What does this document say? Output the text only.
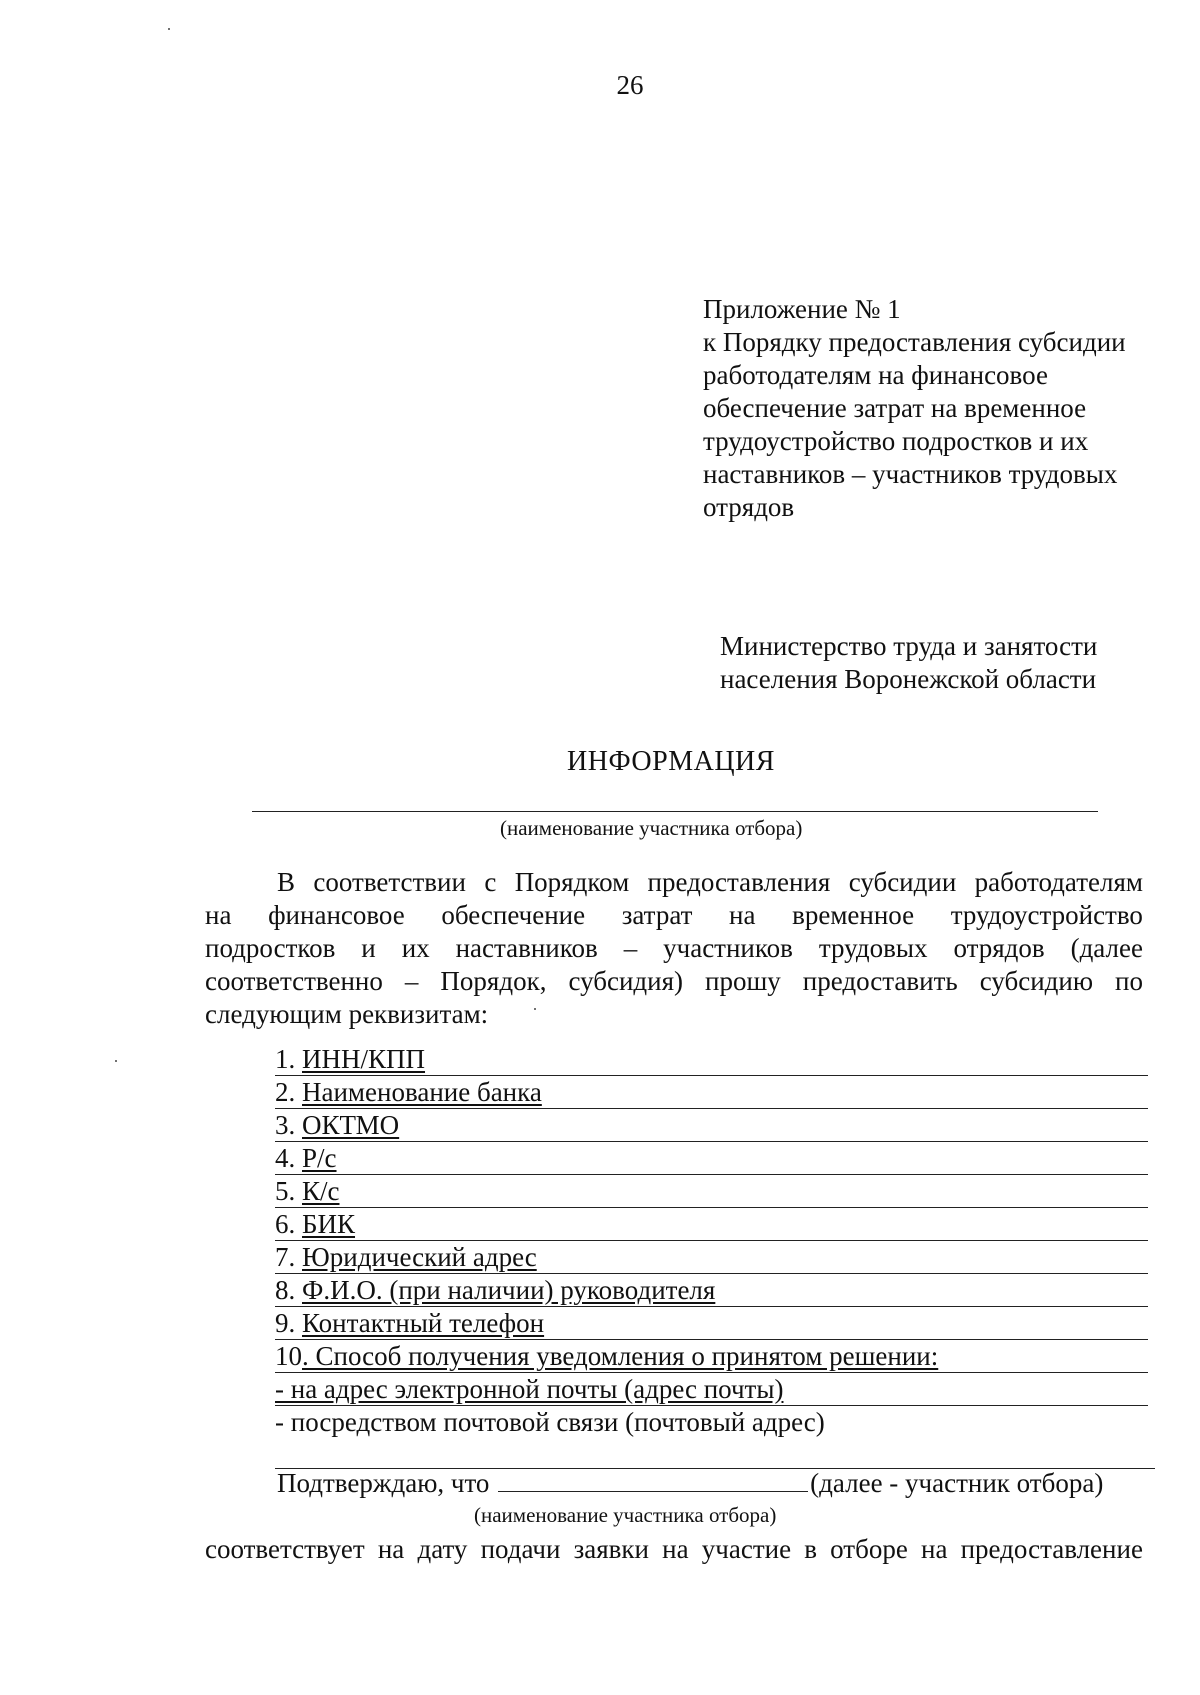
26
Приложение № 1
к Порядку предоставления субсидии
работодателям на финансовое
обеспечение затрат на временное
трудоустройство подростков и их
наставников – участников трудовых
отрядов
Министерство труда и занятости
населения Воронежской области
ИНФОРМАЦИЯ
(наименование участника отбора)
В соответствии с Порядком предоставления субсидии работодателям
на финансовое обеспечение затрат на временное трудоустройство
подростков и их наставников – участников трудовых отрядов (далее
соответственно – Порядок, субсидия) прошу предоставить субсидию по
следующим реквизитам:
1. ИНН/КПП
2. Наименование банка
3. ОКТМО
4. Р/с
5. К/с
6. БИК
7. Юридический адрес
8. Ф.И.О. (при наличии) руководителя
9. Контактный телефон
10 . Способ получения уведомления о принятом решении:
- на адрес электронной почты (адрес почты)
- посредством почтовой связи (почтовый адрес)
Подтверждаю, что	(далее - участник отбора)
(наименование участника отбора)
соответствует на дату подачи заявки на участие в отборе на предоставление
